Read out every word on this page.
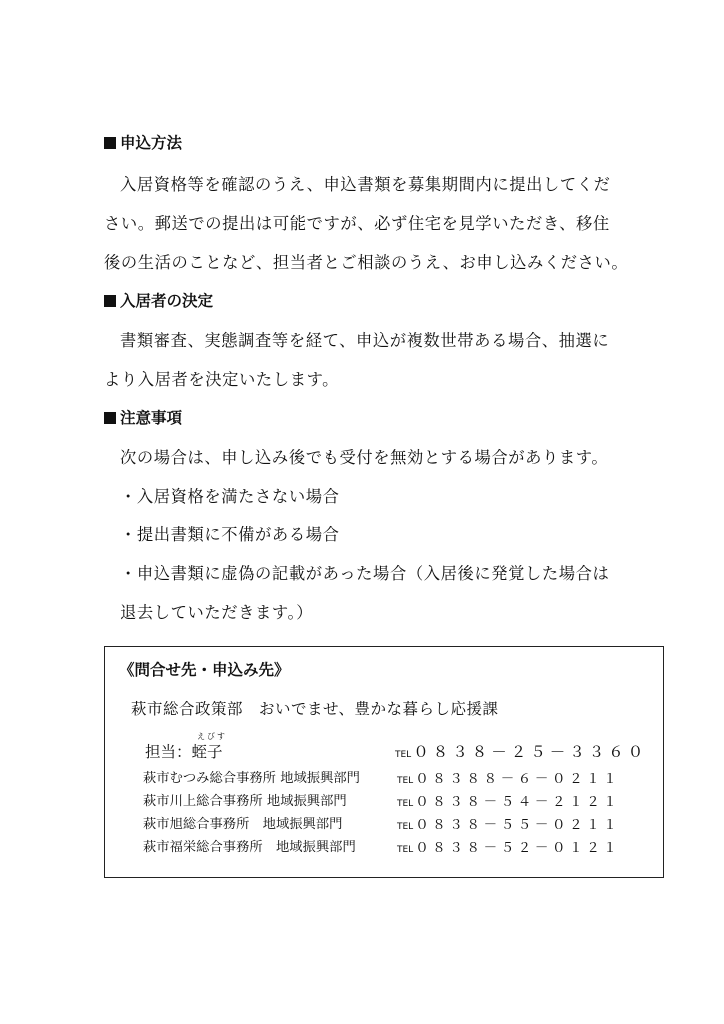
申込方法
入居資格等を確認のうえ、申込書類を募集期間内に提出してくだ
さい。郵送での提出は可能ですが、必ず住宅を見学いただき、移住
後の生活のことなど、担当者とご相談のうえ、お申し込みください。
入居者の決定
書類審査、実態調査等を経て、申込が複数世帯ある場合、抽選に
より入居者を決定いたします。
注意事項
次の場合は、申し込み後でも受付を無効とする場合があります。
・入居資格を満たさない場合
・提出書類に不備がある場合
・申込書類に虚偽の記載があった場合（入居後に発覚した場合は
退去していただきます。）
《問合せ先・申込み先》
萩市総合政策部　おいでませ、豊かな暮らし応援課
えびす
担当：蛭子	TEL ０８３８－２５－３３６０
萩市むつみ総合事務所 地域振興部門	TEL ０８３８８－６－０２１１
萩市川上総合事務所 地域振興部門	TEL ０８３８－５４－２１２１
萩市旭総合事務所　地域振興部門	TEL ０８３８－５５－０２１１
萩市福栄総合事務所　地域振興部門	TEL ０８３８－５２－０１２１
